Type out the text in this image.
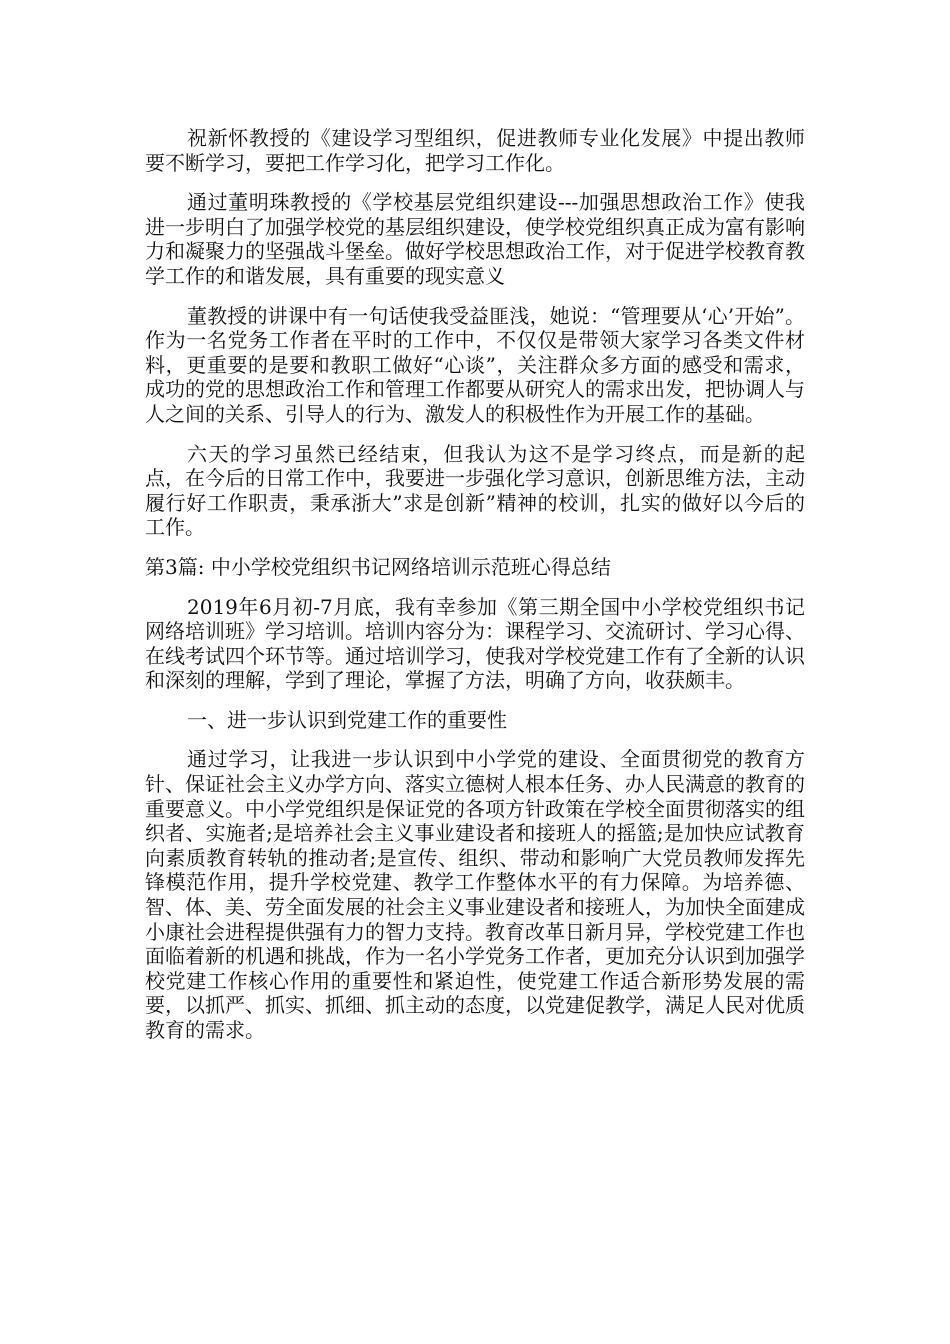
祝新怀教授的《建设学习型组织，促进教师专业化发展》中提出教师要不断学习，要把工作学习化，把学习工作化。

通过董明珠教授的《学校基层党组织建设---加强思想政治工作》使我进一步明白了加强学校党的基层组织建设，使学校党组织真正成为富有影响力和凝聚力的坚强战斗堡垒。做好学校思想政治工作，对于促进学校教育教学工作的和谐发展，具有重要的现实意义

董教授的讲课中有一句话使我受益匪浅，她说：“管理要从‘心’开始”。作为一名党务工作者在平时的工作中，不仅仅是带领大家学习各类文件材料，更重要的是要和教职工做好“心谈”，关注群众多方面的感受和需求，成功的党的思想政治工作和管理工作都要从研究人的需求出发，把协调人与人之间的关系、引导人的行为、激发人的积极性作为开展工作的基础。

六天的学习虽然已经结束，但我认为这不是学习终点，而是新的起点，在今后的日常工作中，我要进一步强化学习意识，创新思维方法，主动履行好工作职责，秉承浙大”求是创新”精神的校训，扎实的做好以今后的工作。

第3篇: 中小学校党组织书记网络培训示范班心得总结

2019年6月初-7月底，我有幸参加《第三期全国中小学校党组织书记网络培训班》学习培训。培训内容分为：课程学习、交流研讨、学习心得、在线考试四个环节等。通过培训学习，使我对学校党建工作有了全新的认识和深刻的理解，学到了理论，掌握了方法，明确了方向，收获颇丰。

一、进一步认识到党建工作的重要性

通过学习，让我进一步认识到中小学党的建设、全面贯彻党的教育方针、保证社会主义办学方向、落实立德树人根本任务、办人民满意的教育的重要意义。中小学党组织是保证党的各项方针政策在学校全面贯彻落实的组织者、实施者;是培养社会主义事业建设者和接班人的摇篮;是加快应试教育向素质教育转轨的推动者;是宣传、组织、带动和影响广大党员教师发挥先锋模范作用，提升学校党建、教学工作整体水平的有力保障。为培养德、智、体、美、劳全面发展的社会主义事业建设者和接班人，为加快全面建成小康社会进程提供强有力的智力支持。教育改革日新月异，学校党建工作也面临着新的机遇和挑战，作为一名小学党务工作者，更加充分认识到加强学校党建工作核心作用的重要性和紧迫性，使党建工作适合新形势发展的需要，以抓严、抓实、抓细、抓主动的态度，以党建促教学，满足人民对优质教育的需求。
